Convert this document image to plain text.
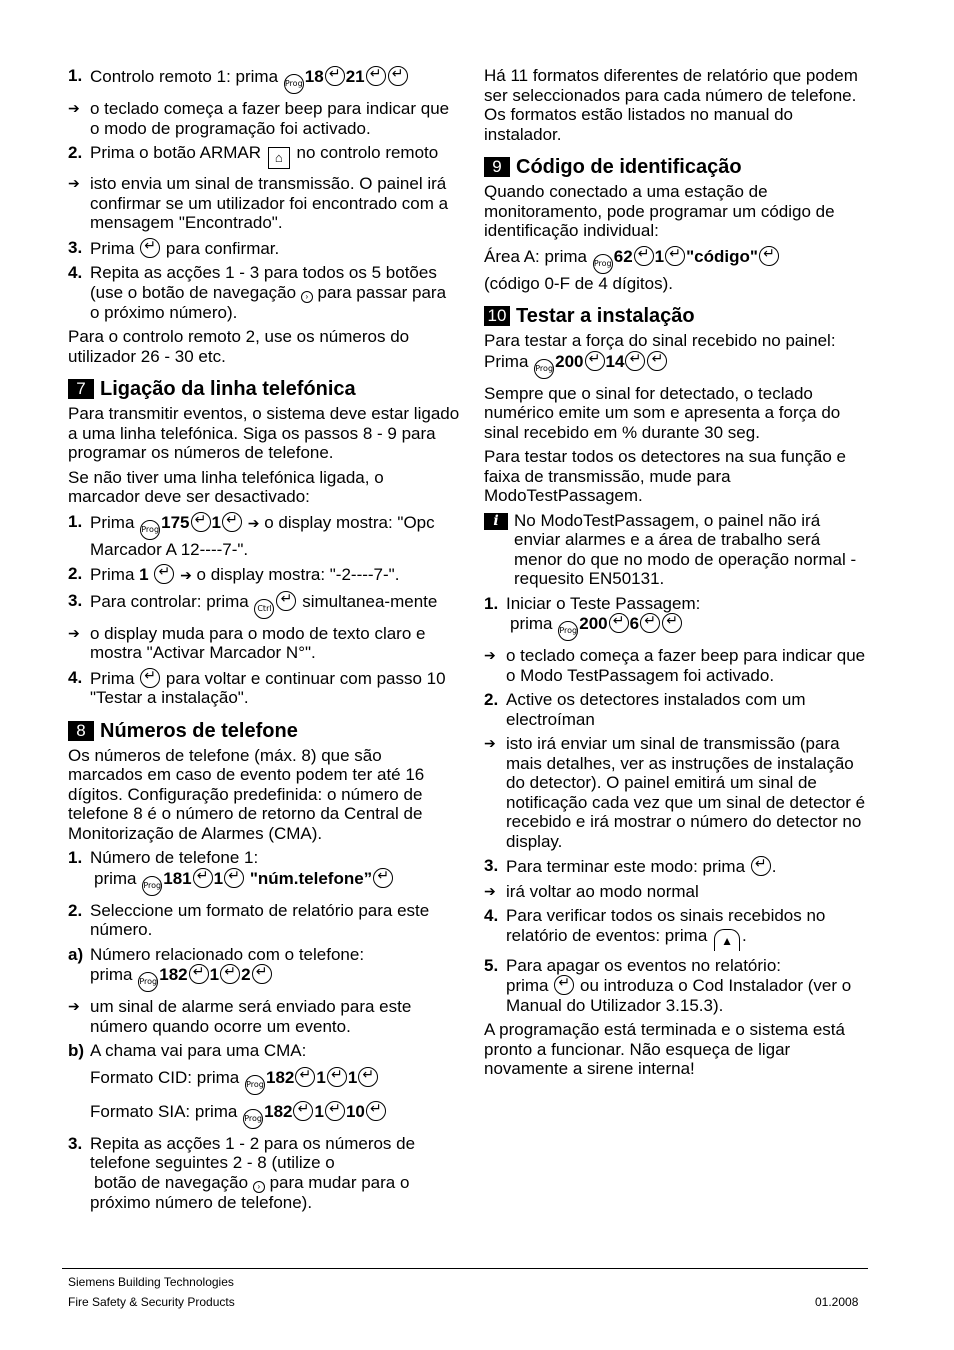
1. Controlo remoto 1: prima Prog 18 ↵ 21↵↵
➔ o teclado começa a fazer beep para indicar que o modo de programação foi activado.
2. Prima o botão ARMAR ⌂ no controlo remoto
➔ isto envia um sinal de transmissão. O painel irá confirmar se um utilizador foi encontrado com a mensagem "Encontrado".
3. Prima ↵ para confirmar.
4. Repita as acções 1 - 3 para todos os 5 botões (use o botão de navegação › para passar para o próximo número).
Para o controlo remoto 2, use os números do utilizador 26 - 30 etc.
7 Ligação da linha telefónica
Para transmitir eventos, o sistema deve estar ligado a uma linha telefónica. Siga os passos 8 - 9 para programar os números de telefone.
Se não tiver uma linha telefónica ligada, o marcador deve ser desactivado:
1. Prima Prog 175 ↵ 1 ↵ ➔ o display mostra: "Opc Marcador A 12----7-".
2. Prima 1 ↵ ➔ o display mostra: "-2----7-".
3. Para controlar: prima Ctrl ↵ simultanea-mente
➔ o display muda para o modo de texto claro e mostra "Activar Marcador N°".
4. Prima ↵ para voltar e continuar com passo 10 "Testar a instalação".
8 Números de telefone
Os números de telefone (máx. 8) que são marcados em caso de evento podem ter até 16 dígitos. Configuração predefinida: o número de telefone 8 é o número de retorno da Central de Monitorização de Alarmes (CMA).
1. Número de telefone 1:
prima Prog 181 ↵ 1 ↵ "núm.telefone”↵
2. Seleccione um formato de relatório para este número.
a) Número relacionado com o telefone:
prima Prog 182 ↵ 1 ↵ 2↵
➔ um sinal de alarme será enviado para este número quando ocorre um evento.
b) A chama vai para uma CMA:
Formato CID: prima Prog 182 ↵ 1 ↵ 1↵
Formato SIA: prima Prog 182 ↵ 1 ↵ 10↵
3. Repita as acções 1 - 2 para os números de telefone seguintes 2 - 8 (utilize o
botão de navegação › para mudar para o próximo número de telefone).
Há 11 formatos diferentes de relatório que podem ser seleccionados para cada número de telefone. Os formatos estão listados no manual do instalador.
9 Código de identificação
Quando conectado a uma estação de monitoramento, pode programar um código de identificação individual:
Área A: prima Prog 62 ↵ 1 ↵ "código"↵
(código 0-F de 4 dígitos).
10 Testar a instalação
Para testar a força do sinal recebido no painel: Prima Prog 200 ↵ 14↵↵
Sempre que o sinal for detectado, o teclado numérico emite um som e apresenta a força do sinal recebido em % durante 30 seg.
Para testar todos os detectores na sua função e faixa de transmissão, mude para ModoTestPassagem.
i No ModoTestPassagem, o painel não irá enviar alarmes e a área de trabalho será menor do que no modo de operação normal - requesito EN50131.
1. Iniciar o Teste Passagem:
prima Prog 200 ↵ 6↵↵
➔ o teclado começa a fazer beep para indicar que o Modo TestPassagem foi activado.
2. Active os detectores instalados com um electroíman
➔ isto irá enviar um sinal de transmissão (para mais detalhes, ver as instruções de instalação do detector). O painel emitirá um sinal de notificação cada vez que um sinal de detector é recebido e irá mostrar o número do detector no display.
3. Para terminar este modo: prima ↵ .
➔ irá voltar ao modo normal
4. Para verificar todos os sinais recebidos no relatório de eventos: prima ▲ .
5. Para apagar os eventos no relatório:
prima ↵ ou introduza o Cod Instalador (ver o Manual do Utilizador 3.15.3).
A programação está terminada e o sistema está pronto a funcionar. Não esqueça de ligar novamente a sirene interna!
Siemens Building Technologies
Fire Safety & Security Products	01.2008
